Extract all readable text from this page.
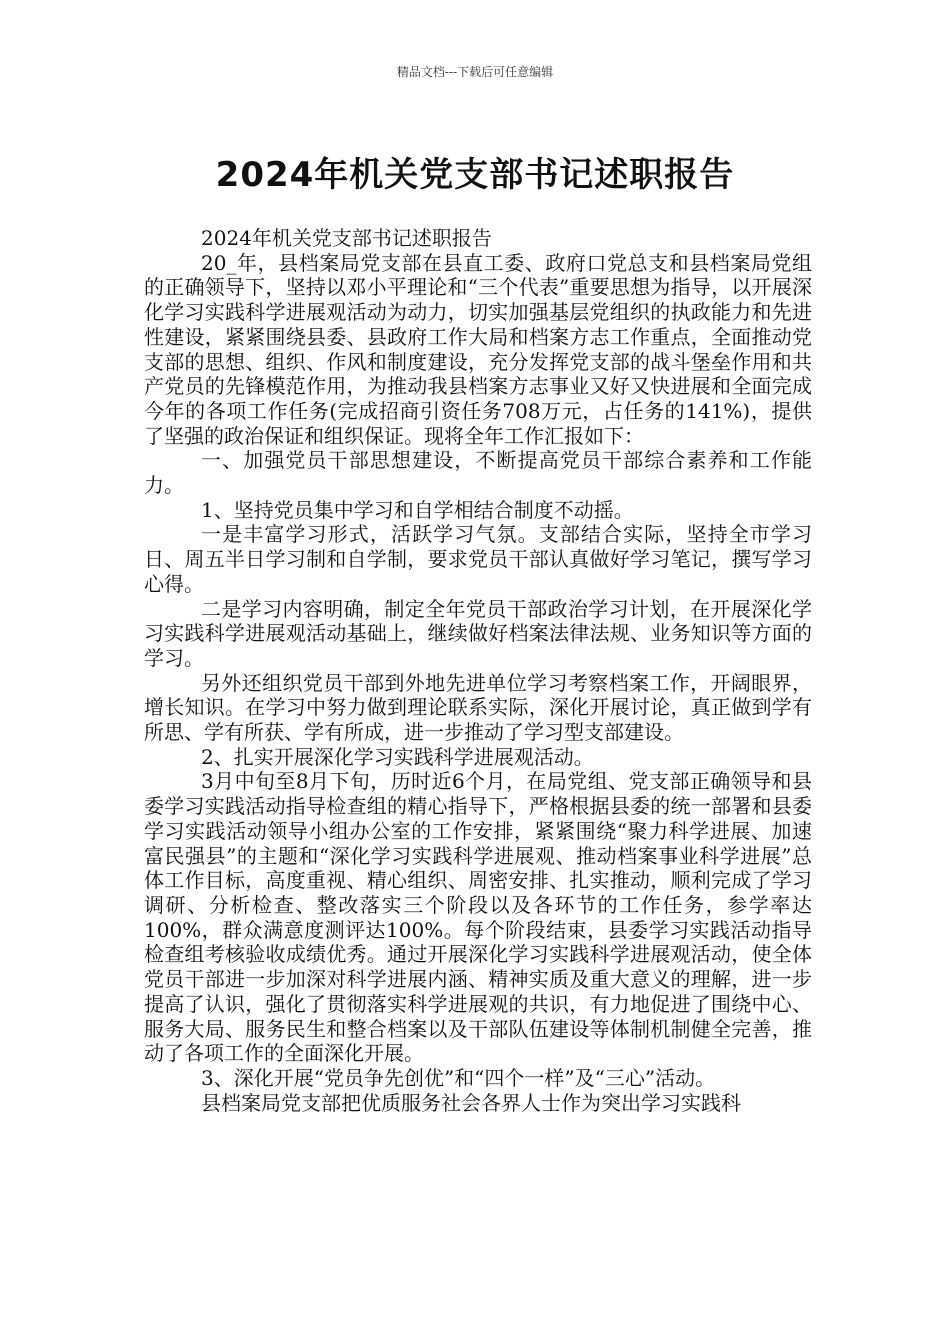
精品文档---下载后可任意编辑
2024年机关党支部书记述职报告

2024年机关党支部书记述职报告

20_年，县档案局党支部在县直工委、政府口党总支和县档案局党组的正确领导下，坚持以邓小平理论和“三个代表”重要思想为指导，以开展深化学习实践科学进展观活动为动力，切实加强基层党组织的执政能力和先进性建设，紧紧围绕县委、县政府工作大局和档案方志工作重点，全面推动党支部的思想、组织、作风和制度建设，充分发挥党支部的战斗堡垒作用和共产党员的先锋模范作用，为推动我县档案方志事业又好又快进展和全面完成今年的各项工作任务(完成招商引资任务708万元，占任务的141%)，提供了坚强的政治保证和组织保证。现将全年工作汇报如下：

一、加强党员干部思想建设，不断提高党员干部综合素养和工作能力。

1、坚持党员集中学习和自学相结合制度不动摇。

一是丰富学习形式，活跃学习气氛。支部结合实际，坚持全市学习日、周五半日学习制和自学制，要求党员干部认真做好学习笔记，撰写学习心得。

二是学习内容明确，制定全年党员干部政治学习计划，在开展深化学习实践科学进展观活动基础上，继续做好档案法律法规、业务知识等方面的学习。

另外还组织党员干部到外地先进单位学习考察档案工作，开阔眼界，增长知识。在学习中努力做到理论联系实际，深化开展讨论，真正做到学有所思、学有所获、学有所成，进一步推动了学习型支部建设。

2、扎实开展深化学习实践科学进展观活动。

3月中旬至8月下旬，历时近6个月，在局党组、党支部正确领导和县委学习实践活动指导检查组的精心指导下，严格根据县委的统一部署和县委学习实践活动领导小组办公室的工作安排，紧紧围绕“聚力科学进展、加速富民强县”的主题和“深化学习实践科学进展观、推动档案事业科学进展”总体工作目标，高度重视、精心组织、周密安排、扎实推动，顺利完成了学习调研、分析检查、整改落实三个阶段以及各环节的工作任务，参学率达100%，群众满意度测评达100%。每个阶段结束，县委学习实践活动指导检查组考核验收成绩优秀。通过开展深化学习实践科学进展观活动，使全体党员干部进一步加深对科学进展内涵、精神实质及重大意义的理解，进一步提高了认识，强化了贯彻落实科学进展观的共识，有力地促进了围绕中心、服务大局、服务民生和整合档案以及干部队伍建设等体制机制健全完善，推动了各项工作的全面深化开展。

3、深化开展“党员争先创优”和“四个一样”及“三心”活动。

县档案局党支部把优质服务社会各界人士作为突出学习实践科
